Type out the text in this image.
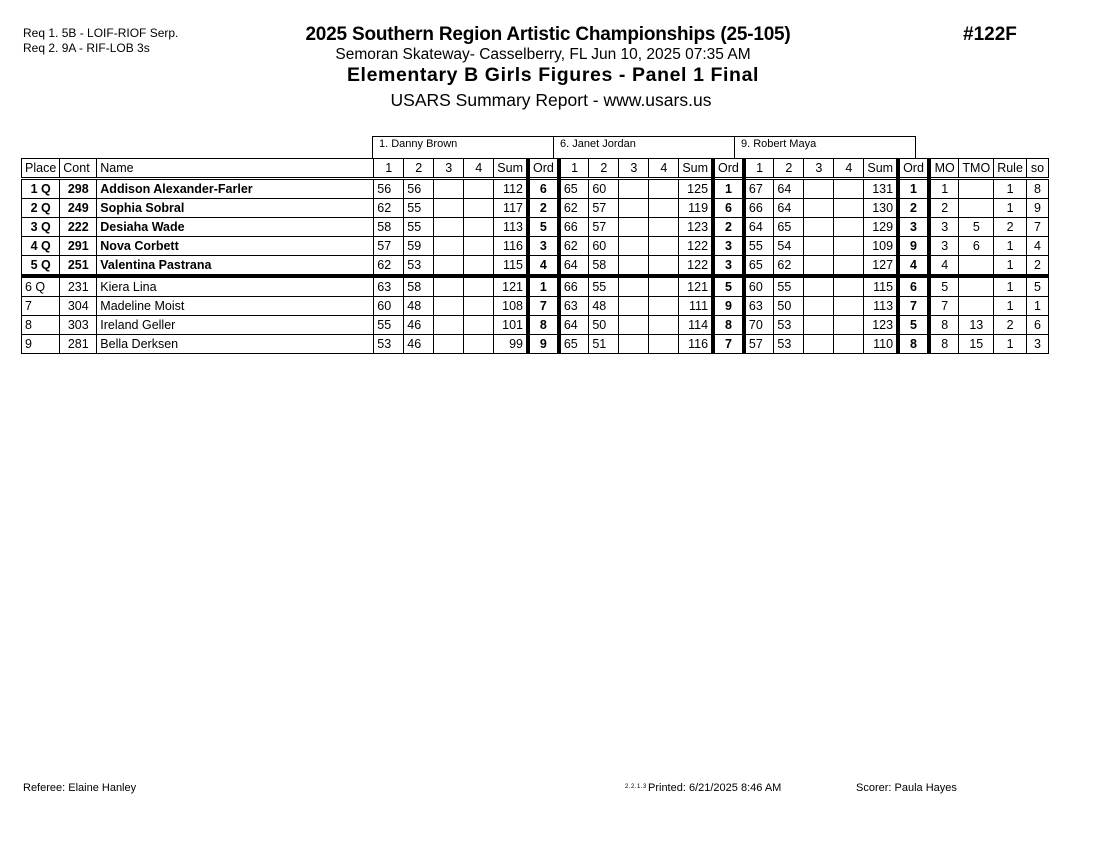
Req 1. 5B - LOIF-RIOF Serp.
Req 2. 9A - RIF-LOB 3s
2025 Southern Region Artistic Championships (25-105)
Semoran Skateway- Casselberry, FL Jun 10, 2025 07:35 AM
Elementary B Girls Figures - Panel 1 Final
USARS Summary Report - www.usars.us
#122F
1. Danny Brown	6. Janet Jordan	9. Robert Maya
Place	Cont	Name	1	2	3	4	Sum	Ord	1	2	3	4	Sum	Ord	1	2	3	4	Sum	Ord	MO	TMO	Rule	so
1 Q	298	Addison Alexander-Farler	56	56			112	6	65	60			125	1	67	64			131	1	1		1	8
2 Q	249	Sophia Sobral	62	55			117	2	62	57			119	6	66	64			130	2	2		1	9
3 Q	222	Desiaha Wade	58	55			113	5	66	57			123	2	64	65			129	3	3	5	2	7
4 Q	291	Nova Corbett	57	59			116	3	62	60			122	3	55	54			109	9	3	6	1	4
5 Q	251	Valentina Pastrana	62	53			115	4	64	58			122	3	65	62			127	4	4		1	2
6 Q	231	Kiera Lina	63	58			121	1	66	55			121	5	60	55			115	6	5		1	5
7	304	Madeline Moist	60	48			108	7	63	48			111	9	63	50			113	7	7		1	1
8	303	Ireland Geller	55	46			101	8	64	50			114	8	70	53			123	5	8	13	2	6
9	281	Bella Derksen	53	46			99	9	65	51			116	7	57	53			110	8	8	15	1	3
Referee: Elaine Hanley	2.2.1.3 Printed: 6/21/2025 8:46 AM	Scorer: Paula Hayes
